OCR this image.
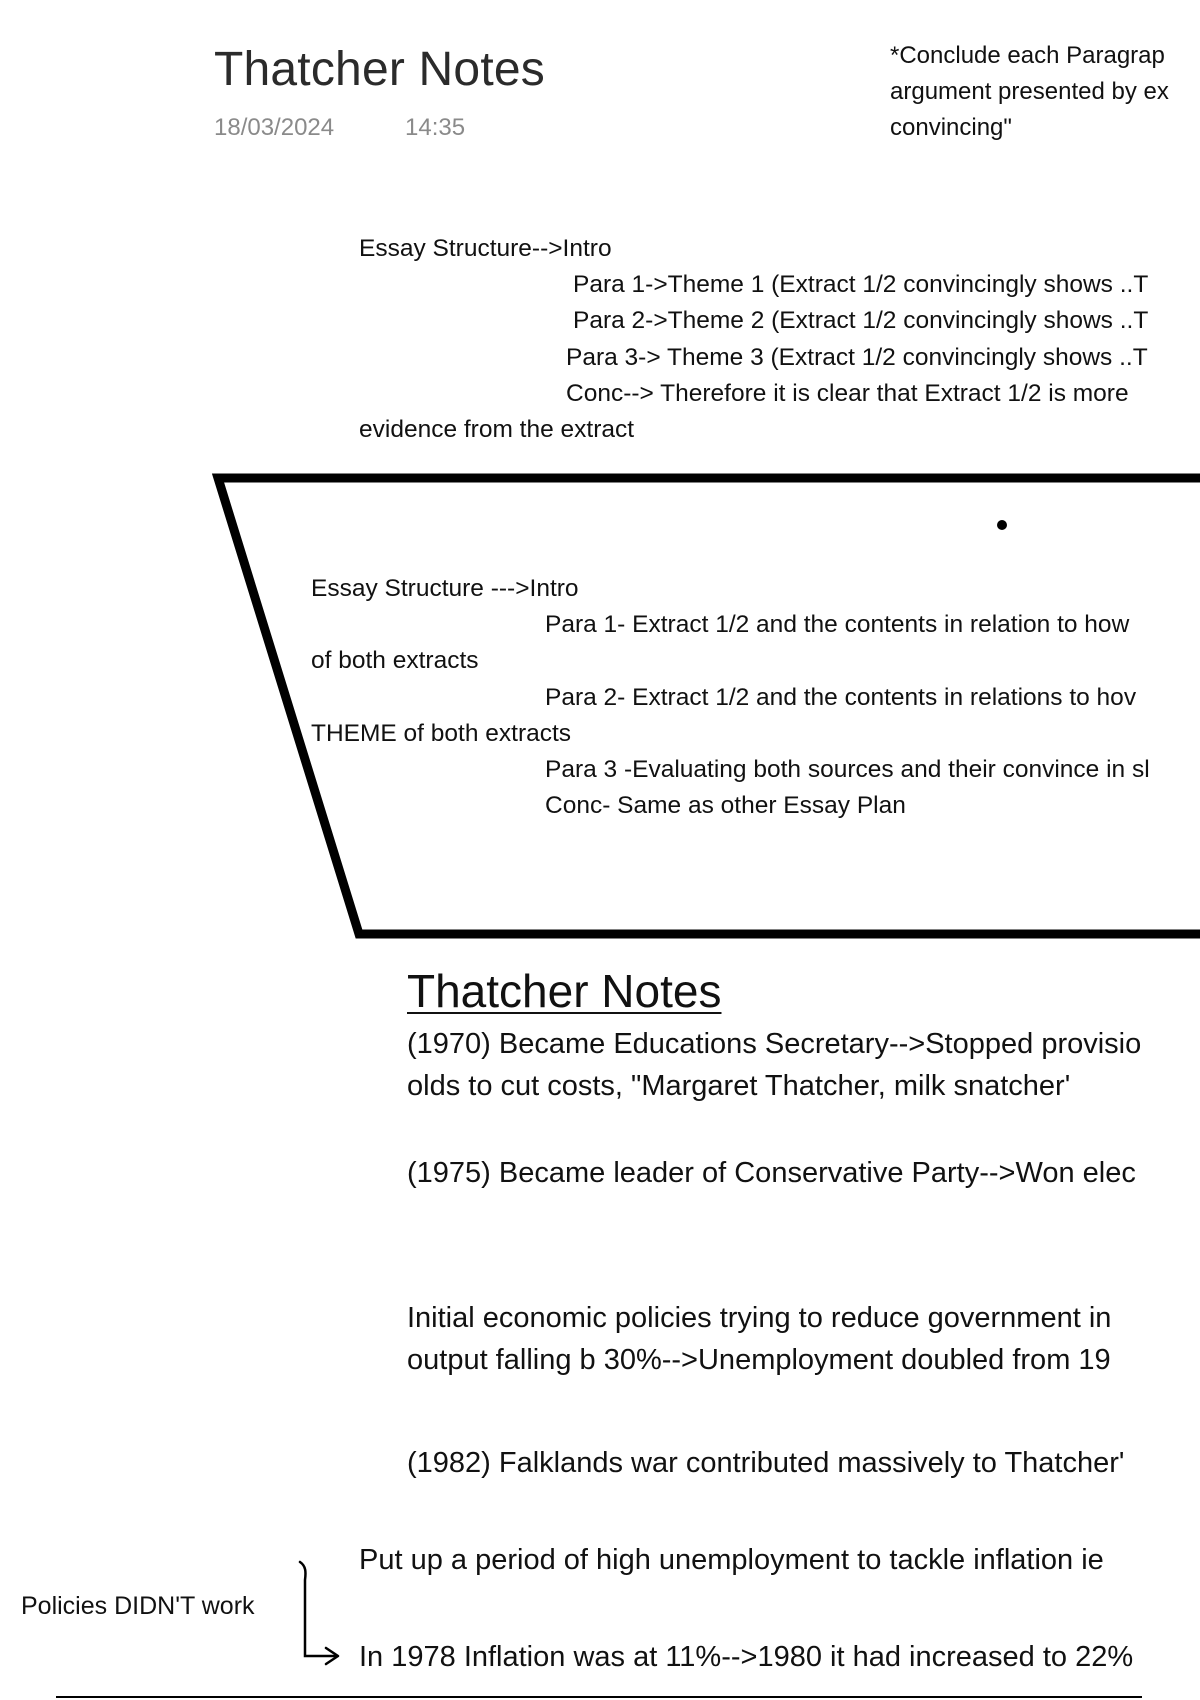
Thatcher Notes
18/03/2024	14:35
*Conclude each Paragrap
argument presented by ex
convincing"
Essay Structure-->Intro
Para 1->Theme 1 (Extract 1/2 convincingly shows ..T
Para 2->Theme 2 (Extract 1/2 convincingly shows ..T
Para 3-> Theme 3 (Extract 1/2 convincingly shows ..T
Conc--> Therefore it is clear that Extract 1/2 is more
evidence from the extract
Essay Structure --->Intro
Para 1- Extract 1/2 and the contents in relation to how
of both extracts
Para 2- Extract 1/2 and the contents in relations to hov
THEME of both extracts
Para 3 -Evaluating both sources and their convince in sl
Conc- Same as other Essay Plan
Thatcher Notes
(1970) Became Educations Secretary-->Stopped provisio
olds to cut costs, "Margaret Thatcher, milk snatcher'
(1975) Became leader of Conservative Party-->Won elec
Initial economic policies trying to reduce government in
output falling b 30%-->Unemployment doubled from 19
(1982) Falklands war contributed massively to Thatcher'
Put up a period of high unemployment to tackle inflation ie
In 1978 Inflation was at 11%-->1980 it had increased to 22%
Policies DIDN'T work
